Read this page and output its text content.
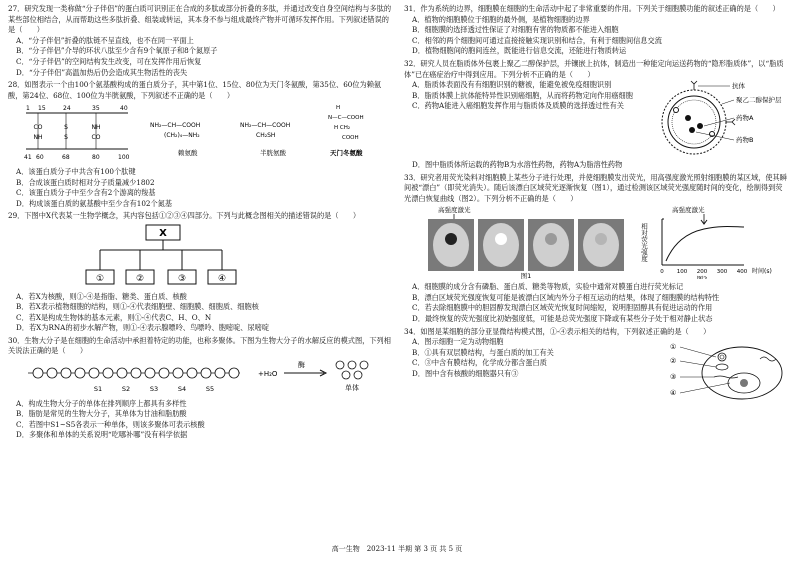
27．研究发现一类称做“分子伴侣”的蛋白质可识别正在合成的多肽或部分折叠的多肽，并通过改变自身空间结构与多肽的某些部位相结合，从而帮助这些多肽折叠、组装或转运，其本身不参与组成最终产物并可循环发挥作用。下列叙述错误的是（　　）

A．“分子伴侣”折叠的肽链不呈直线，也不在同一平面上

B．“分子伴侣”介导的环状八肽至少含有9个氧原子和8个氮原子

C．“分子伴侣”的空间结构发生改变，可在发挥作用后恢复

D．“分子伴侣”高温加热后仍会造成其生物活性的丧失

28．如图表示一个由100个氨基酸构成的蛋白质分子，其中第1位、15位、80位为天门冬氨酸，第35位、60位为赖氨酸，第24位、68位、100位为半胱氨酸，下列叙述不正确的是（　　）

CO
NH
S
S
NH
CO
1 15	24	35	40
41 60	68	80	100
NH₂—CH—COOH
(CH₂)₄—NH₂
赖氨酸
NH₂—CH—COOH
CH₂SH
半胱氨酸
H
N—C—COOH
H CH₂
COOH
天门冬氨酸

A．该蛋白质分子中共含有100个肽键

B．合成该蛋白质时相对分子质量减少1802

C．该蛋白质分子中至少含有2个游离的羧基

D．构成该蛋白质的氨基酸中至少含有102个氮基

29．下图中X代表某一生物学概念，其内容包括①②③④四部分。下列与此概念图相关的描述错误的是（　　）

X
①	②	③	④

A．若X为核酸，则①-④是指脂、糖类、蛋白质、核酸

B．若X表示植物细胞的结构，则①-④代表细胞壁、细胞膜、细胞质、细胞核

C．若X是构成生物体的基本元素，则①-④代表C、H、O、N

D．若X为RNA的初步水解产物，则①-④表示腺嘌呤、鸟嘌呤、胞嘧啶、尿嘧啶

30．生物大分子是在细胞的生命活动中承担着特定的功能，也称多聚体。下图为生物大分子的水解反应的模式图，下列相关说法正确的是（　　）

S1	S2	S3	S4	S5
+H₂O
酶
单体

A．构成生物大分子的单体在排列顺序上都具有多样性

B．脂肪是常见的生物大分子，其单体为甘油和脂肪酸

C．若图中S1~S5各表示一种单体，则该多聚体可表示核酸

D．多聚体和单体的关系说明“吃哪补哪”没有科学依据

31．作为系统的边界，细胞膜在细胞的生命活动中起了非常重要的作用。下列关于细胞膜功能的叙述正确的是（　　）

A．植物的细胞膜位于细胞的最外侧，是植物细胞的边界

B．细胞膜的选择透过性保证了对细胞有害的物质都不能进入细胞

C．相邻的两个细胞间可通过直接接触实现识别和结合，有利于细胞间信息交流

D．植物细胞间的胞间连丝，既能进行信息交流，还能进行物质转运

32．研究人员在脂质体外包裹上聚乙二醇保护层，并镶嵌上抗体，制造出一种能定向运送药物的“隐形脂质体”，以“脂质体”已在癌症治疗中得到应用。下列分析不正确的是（　　）

A．脂质体表面没有有细胞识别的糖被，能避免被免疫细胞识别

B．脂质体膜上抗体能特异性识别癌细胞，从而将药物定向作用癌细胞

C．药物A能进入癌细胞发挥作用与脂质体及质膜的选择透过性有关

抗体
聚乙二醇保护层
药物A
药物B

D．图中脂质体所运载的药物B为水溶性药物，药物A为脂溶性药物

33．研究者用荧光染料对细胞膜上某些分子进行处理，并使细胞膜发出荧光，用高强度激光照射细胞膜的某区域，使其瞬间被“漂白”（即荧光消失）。随后该漂白区域荧光逐渐恢复（图1），通过检测该区域荧光强度随时间的变化，绘制得到荧光漂白恢复曲线（图2）。下列分析不正确的是（　　）

高强度激光
图1
高强度激光
相对荧光强度
0 100 200 300 400 时间(s)
图2

A．细胞膜的成分含有磷脂、蛋白质、糖类等物质，实验中通常对膜蛋白进行荧光标记

B．漂白区域荧光强度恢复可能是被漂白区域内外分子相互运动的结果，体现了细胞膜的结构特性

C．若去除细胞膜中的胆固醇发现漂白区域荧光恢复时间缩短，说明胆固醇具有促进运动的作用

D．最终恢复的荧光强度比初始强度低，可能是总荧光强度下降或有某些分子处于相对静止状态

34．如图是某细胞的部分亚显微结构模式图，①-④表示相关的结构，下列叙述正确的是（　　）

A．图示细胞一定为动物细胞

B．①具有双层膜结构，与蛋白质的加工有关

C．③中含有膜结构，化学成分都含蛋白质

D．图中含有核酸的细胞器只有③

①
②
③
④
高一生物　2023-11 半期 第 3 页 共 5 页
